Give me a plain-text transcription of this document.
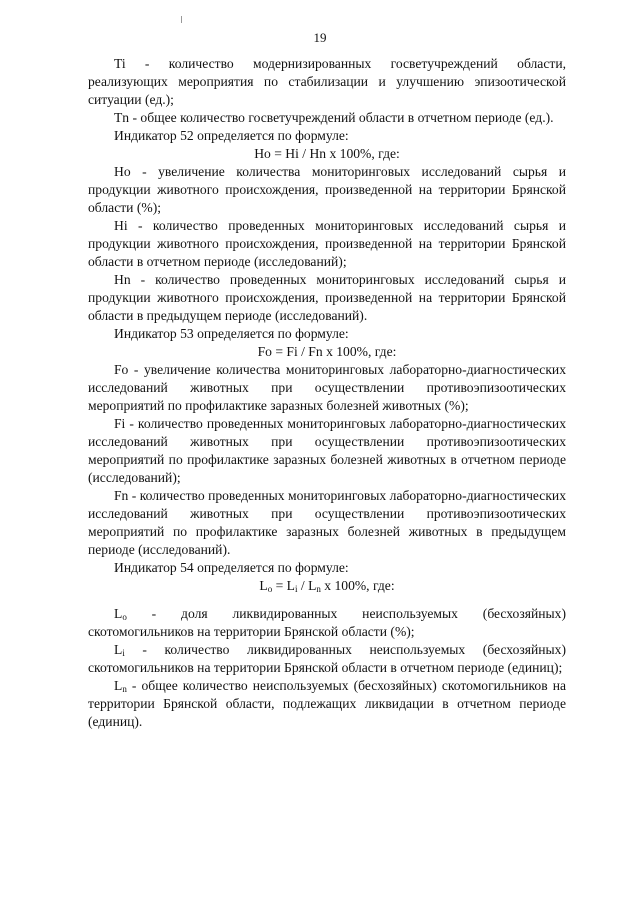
19

Ti - количество модернизированных госветучреждений области, реализующих мероприятия по стабилизации и улучшению эпизоотической ситуации (ед.);

Tn - общее количество госветучреждений области в отчетном периоде (ед.).

Индикатор 52 определяется по формуле:

Ho = Hi / Hn x 100%, где:

Ho - увеличение количества мониторинговых исследований сырья и продукции животного происхождения, произведенной на территории Брянской области (%);

Hi - количество проведенных мониторинговых исследований сырья и продукции животного происхождения, произведенной на территории Брянской области в отчетном периоде (исследований);

Hn - количество проведенных мониторинговых исследований сырья и продукции животного происхождения, произведенной на территории Брянской области в предыдущем периоде (исследований).

Индикатор 53 определяется по формуле:

Fo = Fi / Fn x 100%, где:

Fo - увеличение количества мониторинговых лабораторно-диагностических исследований животных при осуществлении противоэпизоотических мероприятий по профилактике заразных болезней животных (%);

Fi - количество проведенных мониторинговых лабораторно-диагностических исследований животных при осуществлении противоэпизоотических мероприятий по профилактике заразных болезней животных в отчетном периоде (исследований);

Fn - количество проведенных мониторинговых лабораторно-диагностических исследований животных при осуществлении противоэпизоотических мероприятий по профилактике заразных болезней животных в предыдущем периоде (исследований).

Индикатор 54 определяется по формуле:

$L_o = L_i / L_n$ x 100%, где:

$L_o$ - доля ликвидированных неиспользуемых (бесхозяйных) скотомогильников на территории Брянской области (%);

$L_i$ - количество ликвидированных неиспользуемых (бесхозяйных) скотомогильников на территории Брянской области в отчетном периоде (единиц);

$L_n$ - общее количество неиспользуемых (бесхозяйных) скотомогильников на территории Брянской области, подлежащих ликвидации в отчетном периоде (единиц).
